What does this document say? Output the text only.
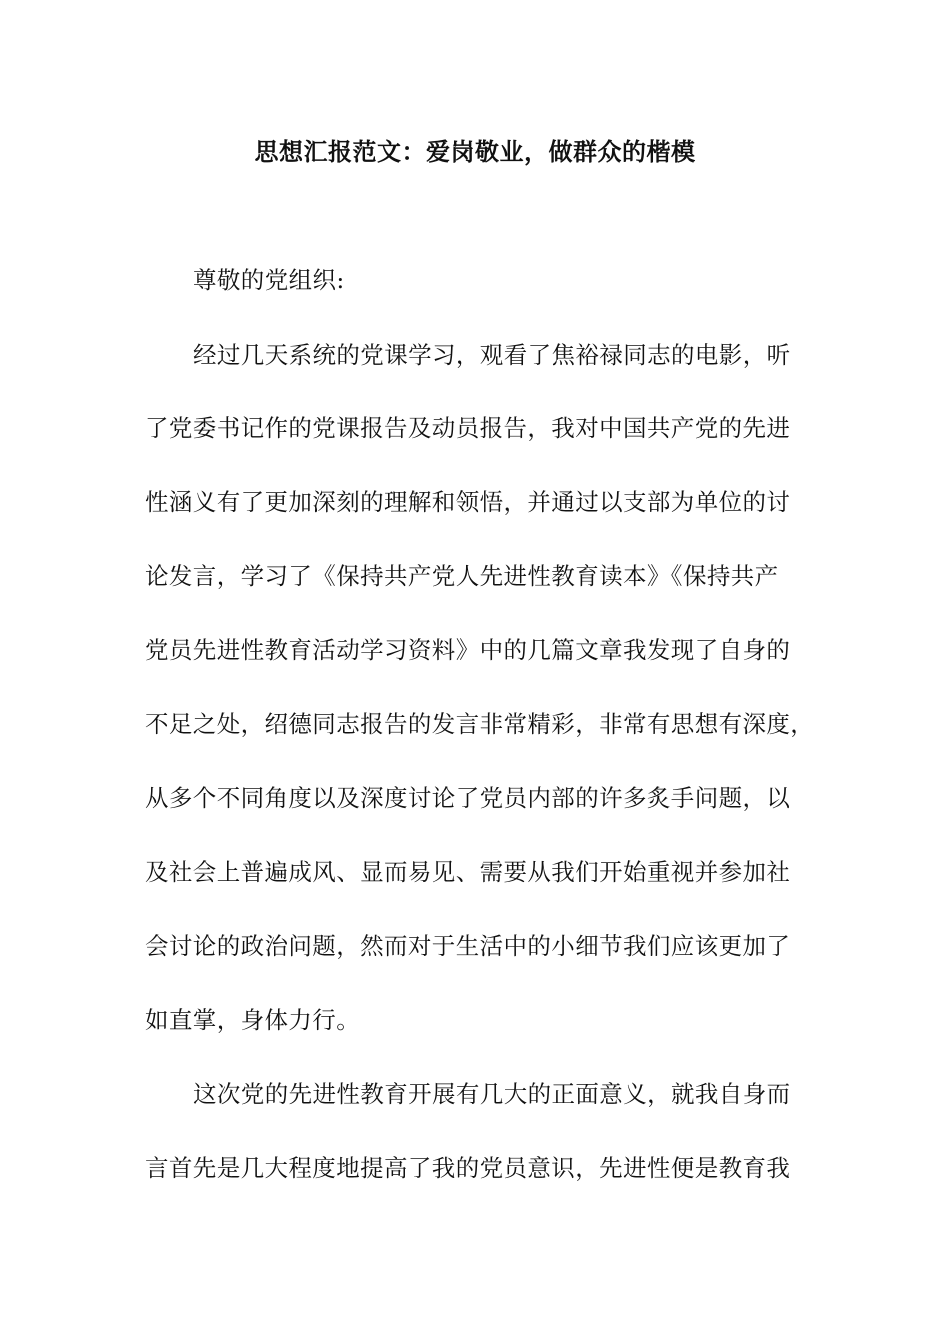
思想汇报范文：爱岗敬业，做群众的楷模
尊敬的党组织:
经过几天系统的党课学习，观看了焦裕禄同志的电影，听
了党委书记作的党课报告及动员报告，我对中国共产党的先进
性涵义有了更加深刻的理解和领悟，并通过以支部为单位的讨
论发言，学习了《保持共产党人先进性教育读本》《保持共产
党员先进性教育活动学习资料》中的几篇文章我发现了自身的
不足之处，绍德同志报告的发言非常精彩，非常有思想有深度，
从多个不同角度以及深度讨论了党员内部的许多炙手问题，以
及社会上普遍成风、显而易见、需要从我们开始重视并参加社
会讨论的政治问题，然而对于生活中的小细节我们应该更加了
如直掌，身体力行。
这次党的先进性教育开展有几大的正面意义，就我自身而
言首先是几大程度地提高了我的党员意识，先进性便是教育我
